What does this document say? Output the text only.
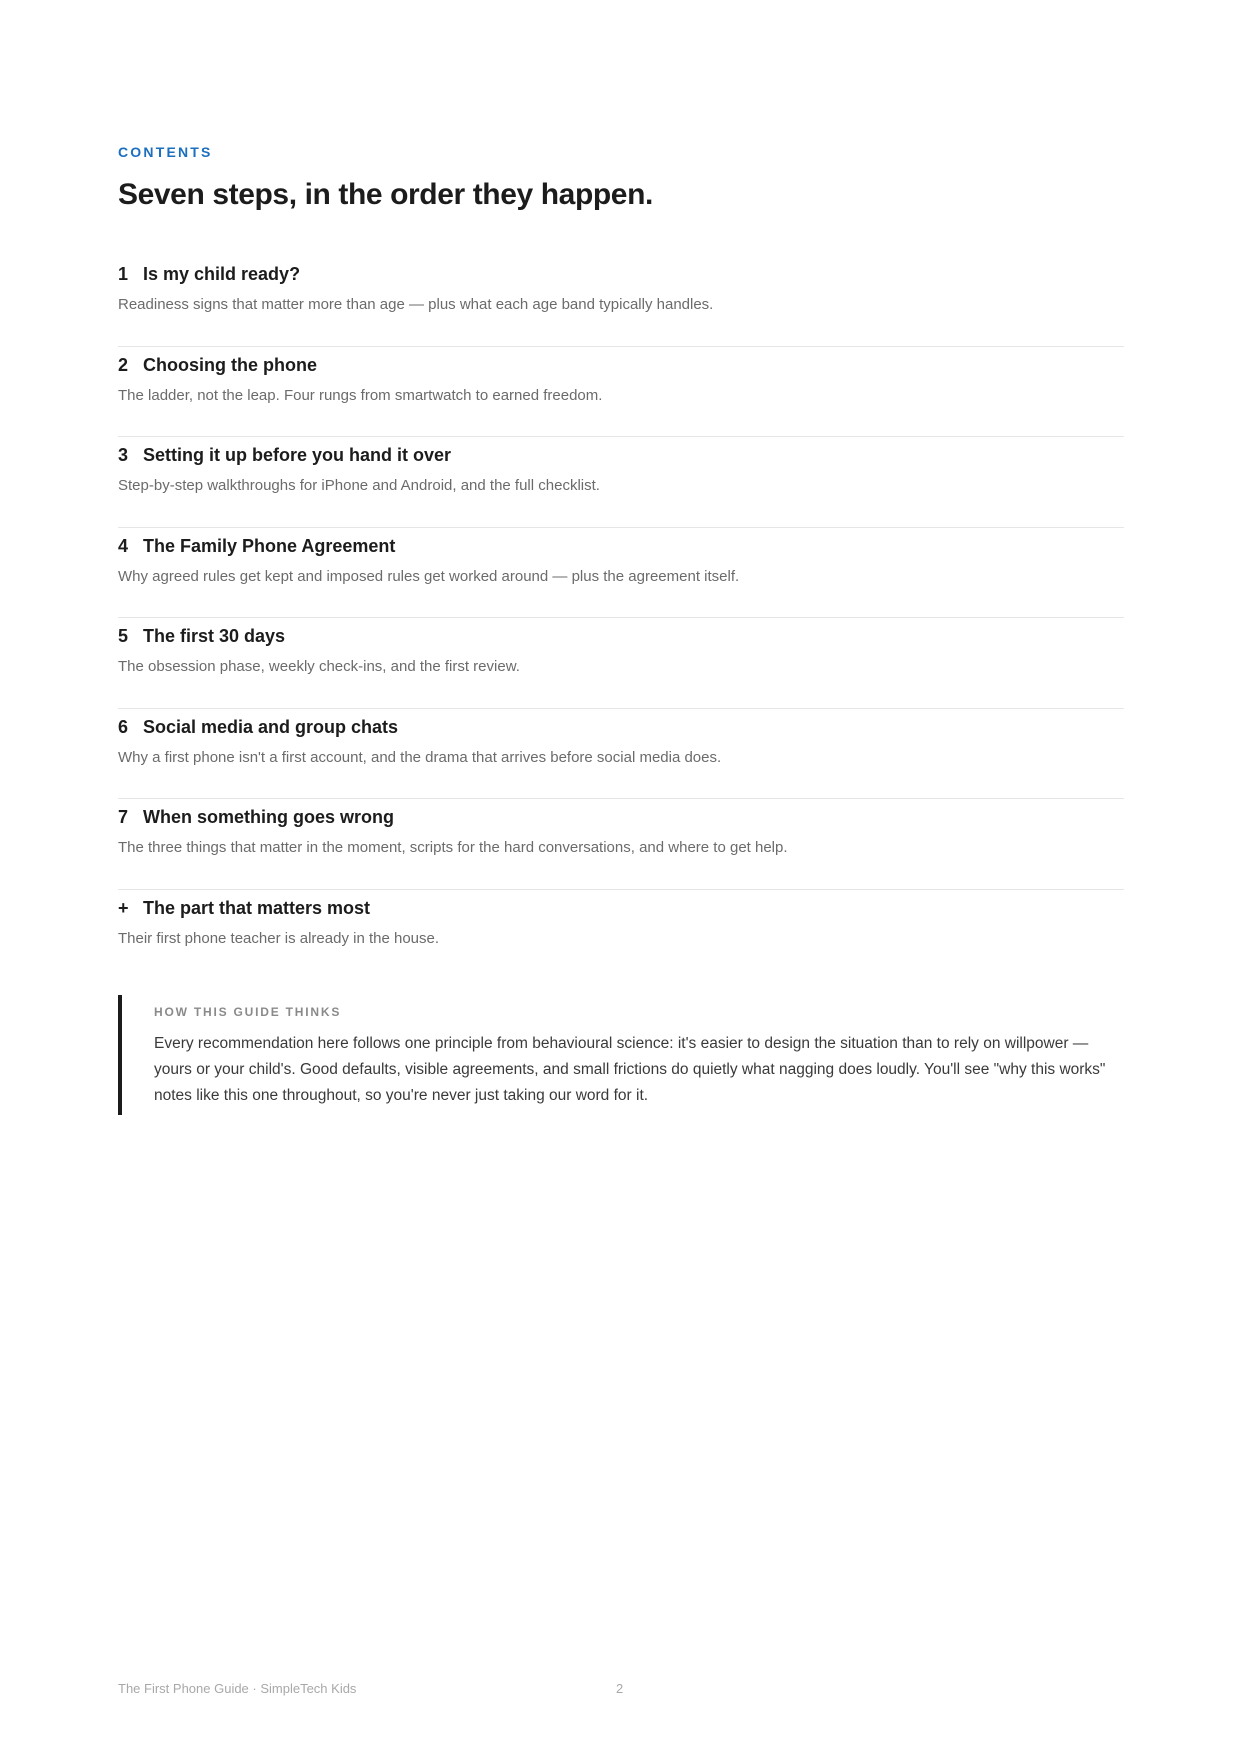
CONTENTS
Seven steps, in the order they happen.
1 Is my child ready?
Readiness signs that matter more than age — plus what each age band typically handles.
2 Choosing the phone
The ladder, not the leap. Four rungs from smartwatch to earned freedom.
3 Setting it up before you hand it over
Step-by-step walkthroughs for iPhone and Android, and the full checklist.
4 The Family Phone Agreement
Why agreed rules get kept and imposed rules get worked around — plus the agreement itself.
5 The first 30 days
The obsession phase, weekly check-ins, and the first review.
6 Social media and group chats
Why a first phone isn't a first account, and the drama that arrives before social media does.
7 When something goes wrong
The three things that matter in the moment, scripts for the hard conversations, and where to get help.
+ The part that matters most
Their first phone teacher is already in the house.
HOW THIS GUIDE THINKS

Every recommendation here follows one principle from behavioural science: it's easier to design the situation than to rely on willpower — yours or your child's. Good defaults, visible agreements, and small frictions do quietly what nagging does loudly. You'll see "why this works" notes like this one throughout, so you're never just taking our word for it.

The First Phone Guide · SimpleTech Kids	2
